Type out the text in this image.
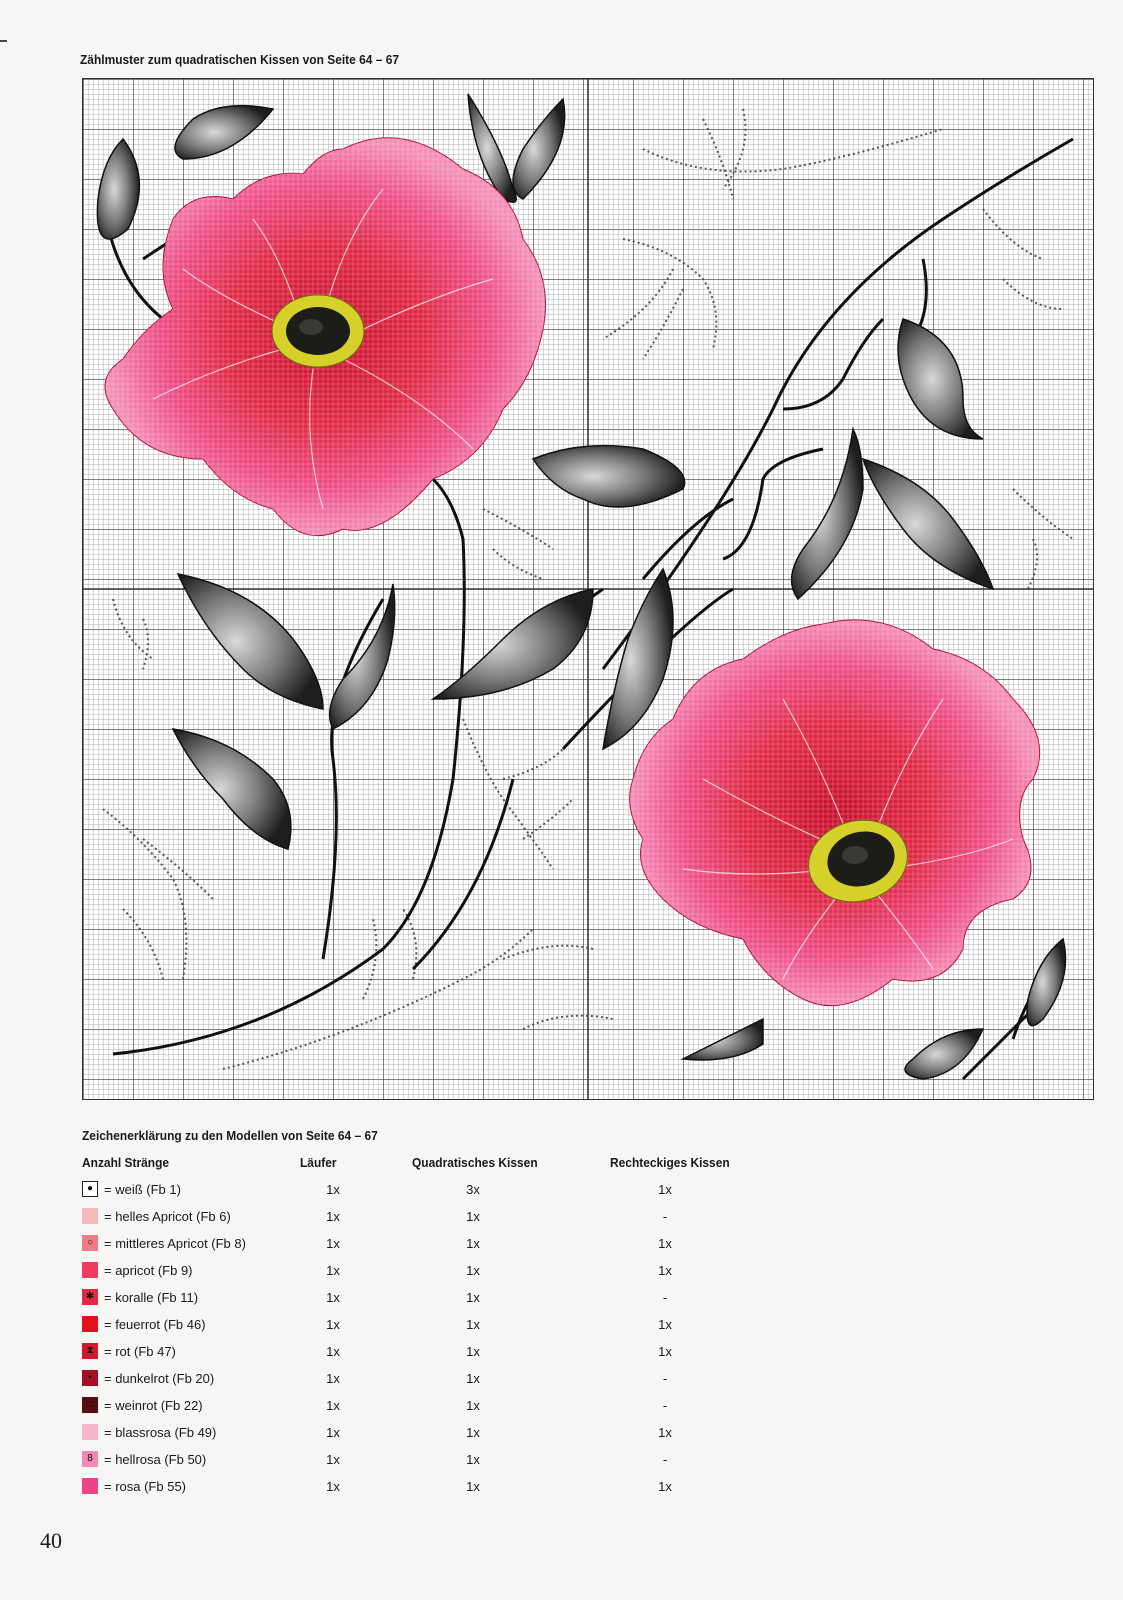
Zählmuster zum quadratischen Kissen von Seite 64 – 67
Zeichenerklärung zu den Modellen von Seite 64 – 67
Anzahl Stränge	Läufer	Quadratisches Kissen	Rechteckiges Kissen
● = weiß (Fb 1)	1x	3x	1x
= helles Apricot (Fb 6)	1x	1x	-
○ = mittleres Apricot (Fb 8)	1x	1x	1x
= apricot (Fb 9)	1x	1x	1x
✱ = koralle (Fb 11)	1x	1x	-
= feuerrot (Fb 46)	1x	1x	1x
⧗ = rot (Fb 47)	1x	1x	1x
• = dunkelrot (Fb 20)	1x	1x	-
□ = weinrot (Fb 22)	1x	1x	-
= blassrosa (Fb 49)	1x	1x	1x
8 = hellrosa (Fb 50)	1x	1x	-
= rosa (Fb 55)	1x	1x	1x
40
